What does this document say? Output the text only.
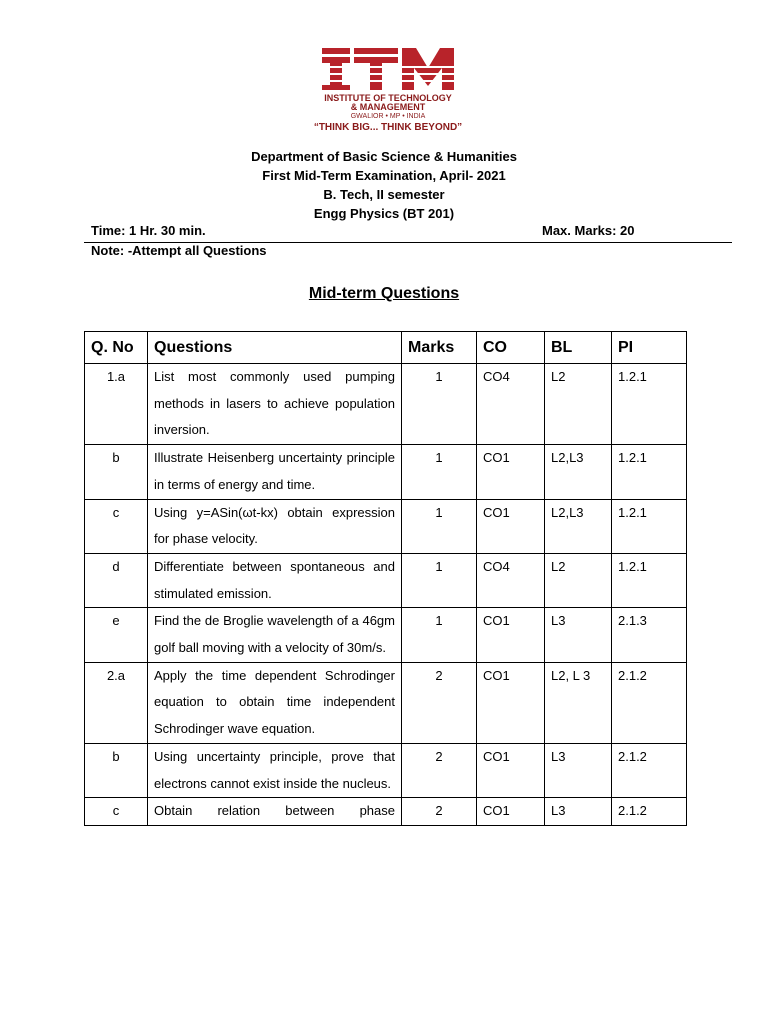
INSTITUTE OF TECHNOLOGY
& MANAGEMENT
GWALIOR • MP • INDIA
“THINK BIG... THINK BEYOND”
Department of Basic Science & Humanities
First Mid-Term Examination, April- 2021
B. Tech, II semester
Engg Physics (BT 201)
Time: 1 Hr. 30 min.	Max. Marks: 20
Note: -Attempt all Questions
Mid-term Questions
Q. No	Questions	Marks	CO	BL	PI
1.a	List most commonly used pumping methods in lasers to achieve population inversion.	1	CO4	L2	1.2.1
b	Illustrate Heisenberg uncertainty principle in terms of energy and time.	1	CO1	L2,L3	1.2.1
c	Using y=ASin(ωt-kx) obtain expression for phase velocity.	1	CO1	L2,L3	1.2.1
d	Differentiate between spontaneous and stimulated emission.	1	CO4	L2	1.2.1
e	Find the de Broglie wavelength of a 46gm golf ball moving with a velocity of 30m/s.	1	CO1	L3	2.1.3
2.a	Apply the time dependent Schrodinger equation to obtain time independent Schrodinger wave equation.	2	CO1	L2, L 3	2.1.2
b	Using uncertainty principle, prove that electrons cannot exist inside the nucleus.	2	CO1	L3	2.1.2
c	Obtain relation between phase	2	CO1	L3	2.1.2
